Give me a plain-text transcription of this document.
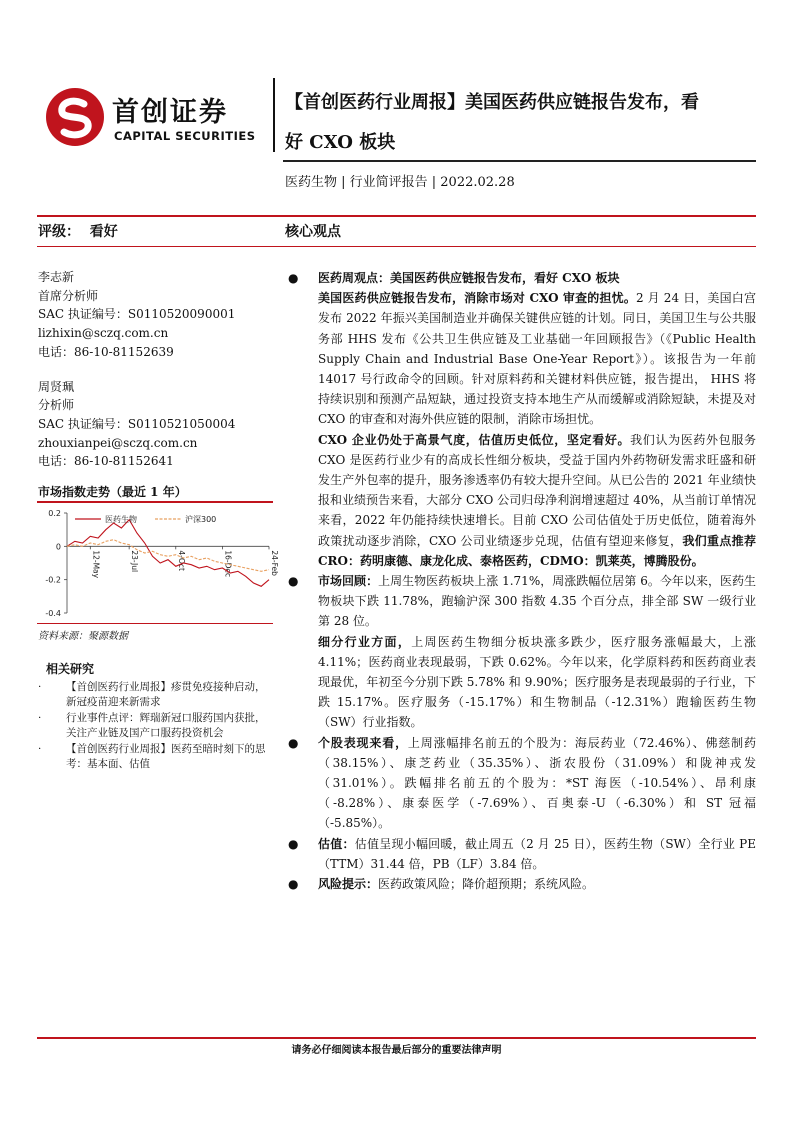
首创证券
CAPITAL SECURITIES
【首创医药行业周报】美国医药供应链报告发布，看
好 CXO 板块
医药生物 | 行业简评报告 | 2022.02.28
评级： 看好	核心观点
李志新
首席分析师
SAC 执证编号：S0110520090001
lizhixin@sczq.com.cn
电话：86-10-81152639
周贤珮
分析师
SAC 执证编号：S0110521050004
zhouxianpei@sczq.com.cn
电话：86-10-81152641
市场指数走势（最近 1 年）
0.2
0
-0.2
-0.4
12-May	23-Jul	4-Oct	16-Dec	24-Feb
医药生物	沪深300
资料来源：聚源数据
相关研究
· 【首创医药行业周报】疹贯免疫接种启动，新冠疫苗迎来新需求
· 行业事件点评：辉瑞新冠口服药国内获批，关注产业链及国产口服药投资机会
· 【首创医药行业周报】医药至暗时刻下的思考：基本面、估值
● 医药周观点：美国医药供应链报告发布，看好 CXO 板块
美国医药供应链报告发布，消除市场对 CXO 审查的担忧。2 月 24 日，美国白宫发布 2022 年振兴美国制造业并确保关键供应链的计划。同日，美国卫生与公共服务部 HHS 发布《公共卫生供应链及工业基础一年回顾报告》（《Public Health Supply Chain and Industrial Base One-Year Report》）。该报告为一年前 14017 号行政命令的回顾。针对原料药和关键材料供应链，报告提出， HHS 将持续识别和预测产品短缺，通过投资支持本地生产从而缓解或消除短缺，未提及对 CXO 的审查和对海外供应链的限制，消除市场担忧。
CXO 企业仍处于高景气度，估值历史低位，坚定看好。我们认为医药外包服务 CXO 是医药行业少有的高成长性细分板块，受益于国内外药物研发需求旺盛和研发生产外包率的提升，服务渗透率仍有较大提升空间。从已公告的 2021 年业绩快报和业绩预告来看，大部分 CXO 公司归母净利润增速超过 40%，从当前订单情况来看，2022 年仍能持续快速增长。目前 CXO 公司估值处于历史低位，随着海外政策扰动逐步消除，CXO 公司业绩逐步兑现，估值有望迎来修复，我们重点推荐 CRO：药明康德、康龙化成、泰格医药，CDMO：凯莱英，博腾股份。
● 市场回顾：上周生物医药板块上涨 1.71%，周涨跌幅位居第 6。今年以来，医药生物板块下跌 11.78%，跑输沪深 300 指数 4.35 个百分点，排全部 SW 一级行业第 28 位。
细分行业方面，上周医药生物细分板块涨多跌少，医疗服务涨幅最大，上涨 4.11%；医药商业表现最弱，下跌 0.62%。今年以来，化学原料药和医药商业表现最优，年初至今分别下跌 5.78% 和 9.90%；医疗服务是表现最弱的子行业，下跌 15.17%。医疗服务（-15.17%）和生物制品（-12.31%）跑输医药生物（SW）行业指数。
● 个股表现来看，上周涨幅排名前五的个股为：海辰药业（72.46%）、佛慈制药（38.15%）、康芝药业（35.35%）、浙农股份（31.09%）和陇神戎发（31.01%）。跌幅排名前五的个股为：*ST 海医（-10.54%）、昂利康（-8.28%）、康泰医学（-7.69%）、百奥泰-U（-6.30%）和 ST 冠福（-5.85%）。
● 估值：估值呈现小幅回暖，截止周五（2 月 25 日），医药生物（SW）全行业 PE（TTM）31.44 倍，PB（LF）3.84 倍。
● 风险提示：医药政策风险；降价超预期；系统风险。
请务必仔细阅读本报告最后部分的重要法律声明
